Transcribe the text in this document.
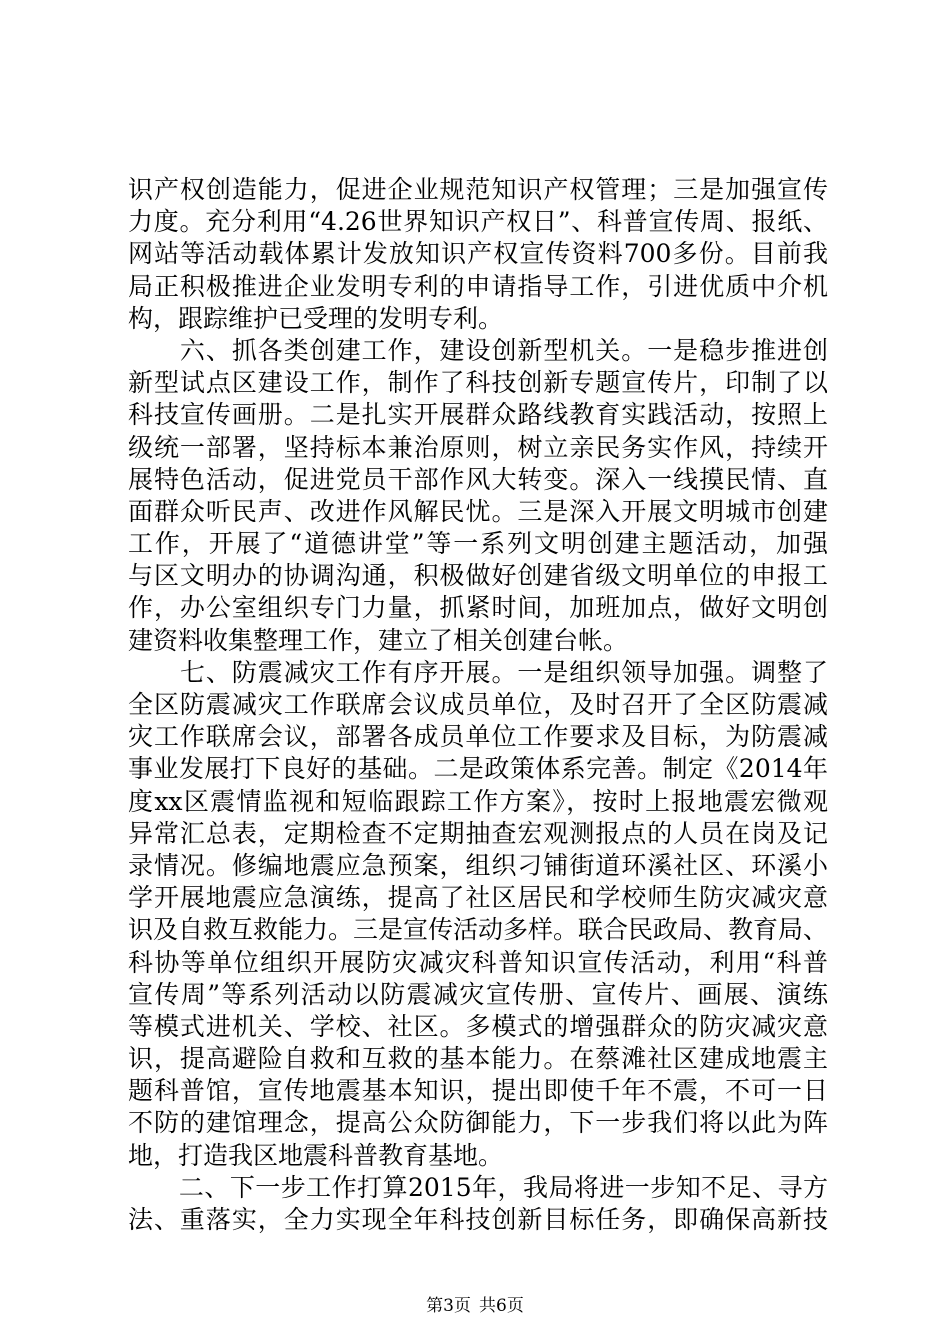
识产权创造能力，促进企业规范知识产权管理；三是加强宣传
力度。充分利用“4.26世界知识产权日”、科普宣传周、报纸、
网站等活动载体累计发放知识产权宣传资料700多份。目前我
局正积极推进企业发明专利的申请指导工作，引进优质中介机
构，跟踪维护已受理的发明专利。
　　六、抓各类创建工作，建设创新型机关。一是稳步推进创
新型试点区建设工作，制作了科技创新专题宣传片，印制了以
科技宣传画册。二是扎实开展群众路线教育实践活动，按照上
级统一部署，坚持标本兼治原则，树立亲民务实作风，持续开
展特色活动，促进党员干部作风大转变。深入一线摸民情、直
面群众听民声、改进作风解民忧。三是深入开展文明城市创建
工作，开展了“道德讲堂”等一系列文明创建主题活动，加强
与区文明办的协调沟通，积极做好创建省级文明单位的申报工
作，办公室组织专门力量，抓紧时间，加班加点，做好文明创
建资料收集整理工作，建立了相关创建台帐。
　　七、防震减灾工作有序开展。一是组织领导加强。调整了
全区防震减灾工作联席会议成员单位，及时召开了全区防震减
灾工作联席会议，部署各成员单位工作要求及目标，为防震减
事业发展打下良好的基础。二是政策体系完善。制定《2014年
度xx区震情监视和短临跟踪工作方案》，按时上报地震宏微观
异常汇总表，定期检查不定期抽查宏观测报点的人员在岗及记
录情况。修编地震应急预案，组织刁铺街道环溪社区、环溪小
学开展地震应急演练，提高了社区居民和学校师生防灾减灾意
识及自救互救能力。三是宣传活动多样。联合民政局、教育局、
科协等单位组织开展防灾减灾科普知识宣传活动，利用“科普
宣传周”等系列活动以防震减灾宣传册、宣传片、画展、演练
等模式进机关、学校、社区。多模式的增强群众的防灾减灾意
识，提高避险自救和互救的基本能力。在蔡滩社区建成地震主
题科普馆，宣传地震基本知识，提出即使千年不震，不可一日
不防的建馆理念，提高公众防御能力，下一步我们将以此为阵
地，打造我区地震科普教育基地。
　　二、下一步工作打算2015年，我局将进一步知不足、寻方
法、重落实，全力实现全年科技创新目标任务，即确保高新技
第3页 共6页
